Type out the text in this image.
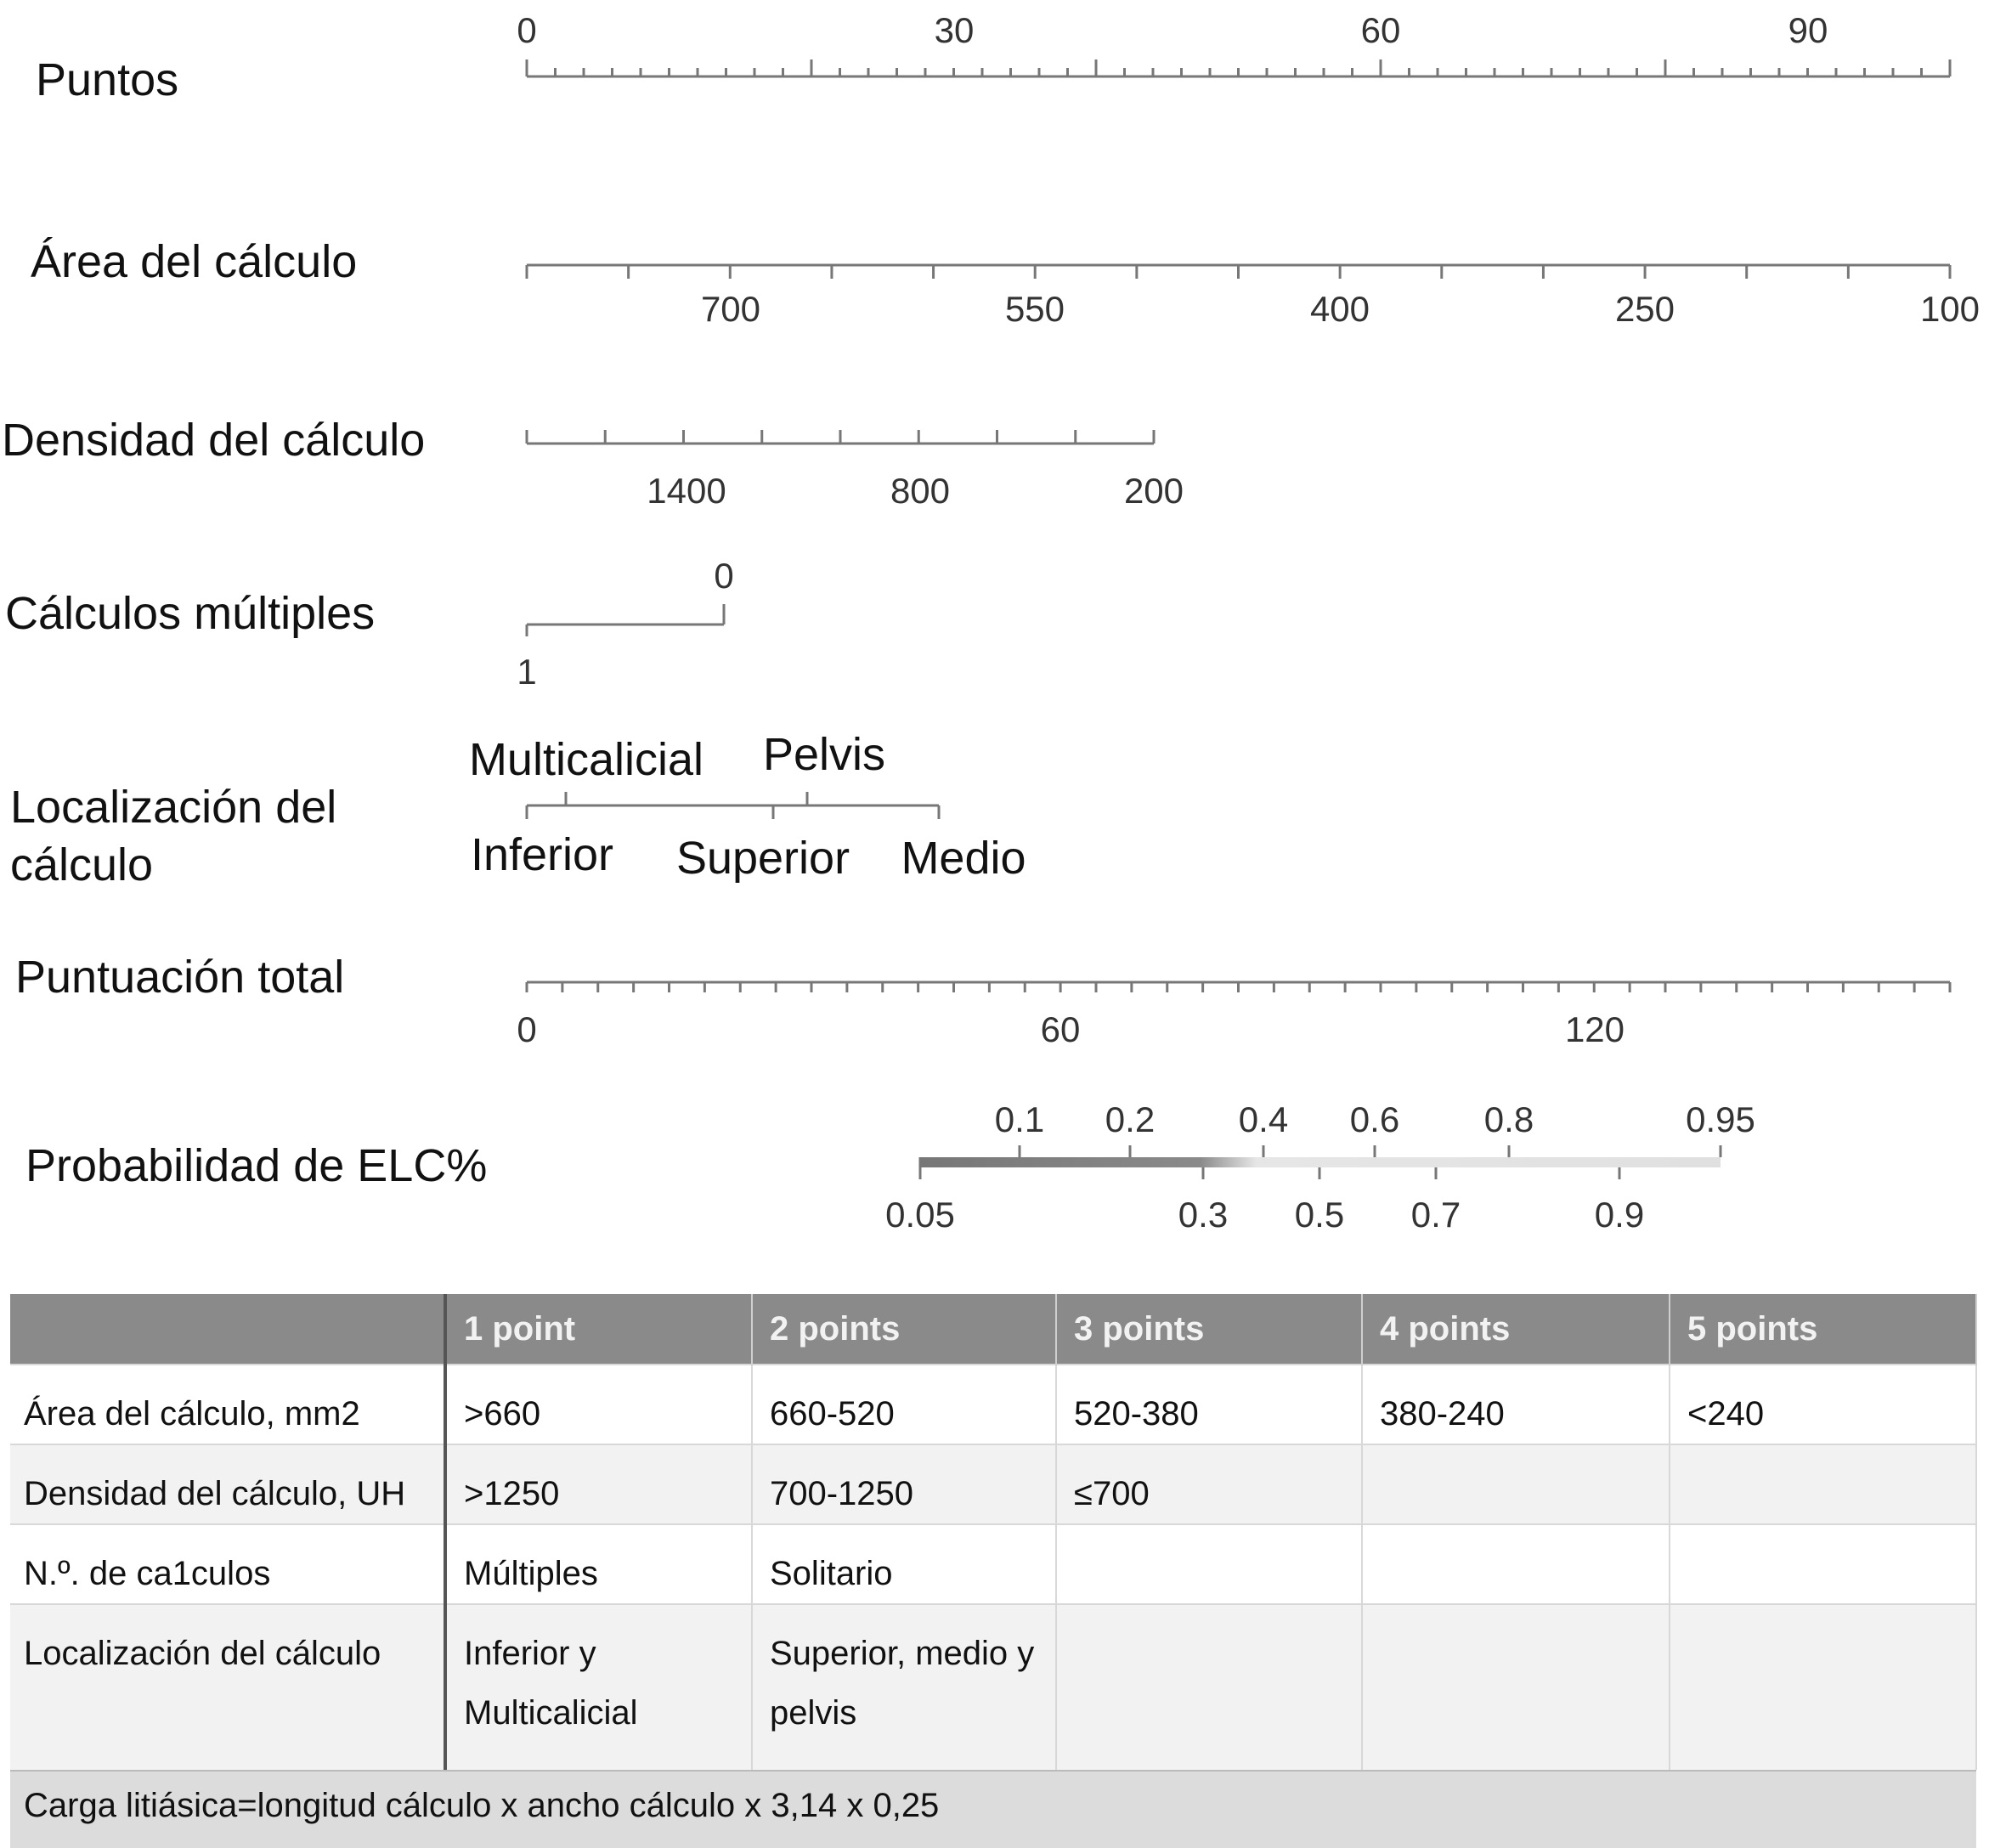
Puntos
Área del cálculo
Densidad del cálculo
Cálculos múltiples
Localización del
cálculo
Puntuación total
Probabilidad de ELC%
0	30	60	90
700	550	400	250	100
1400	800	200
0
1
Multicalicial Pelvis
Inferior Superior Medio
0	60	120
0.1 0.2 0.4 0.6 0.8	0.95
0.05	0.3 0.5 0.7	0.9
	1 point	2 points	3 points	4 points	5 points
Área del cálculo, mm2	>660	660-520	520-380	380-240	<240
Densidad del cálculo, UH	>1250	700-1250	≤700		
N.º. de ca1culos	Múltiples	Solitario			
Localización del cálculo	Inferior y Multicalicial	Superior, medio y pelvis			
Carga litiásica=longitud cálculo x ancho cálculo x 3,14 x 0,25
